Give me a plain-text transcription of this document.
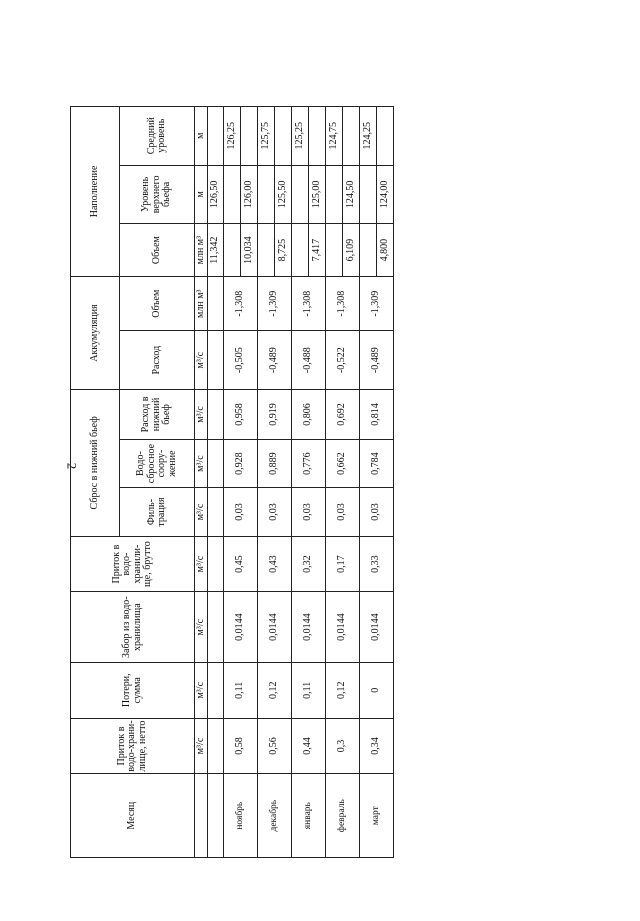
2
Месяц	Приток в водо-храни-лище, нетто	Потери, сумма	Забор из водо-хранилища	Приток в водо-хранили-ще, брутто	Сброс в нижний бьеф			Аккумуляция		Наполнение		
					Филь-трация	Водо-сбросное соору-жение	Расход в нижний бьеф	Расход	Объем	Объем	Уровень верхнего бьефа	Средний уровень
	м³/с	м³/с	м³/с	м³/с	м³/с	м³/с	м³/с	м³/с	млн м³	млн м³	м	м
										11,342	126,50	
ноябрь	0,58	0,11	0,0144	0,45	0,03	0,928	0,958	-0,505	-1,308			126,25
										10,034	126,00	
декабрь	0,56	0,12	0,0144	0,43	0,03	0,889	0,919	-0,489	-1,309			125,75
										8,725	125,50	
январь	0,44	0,11	0,0144	0,32	0,03	0,776	0,806	-0,488	-1,308			125,25
										7,417	125,00	
февраль	0,3	0,12	0,0144	0,17	0,03	0,662	0,692	-0,522	-1,308			124,75
										6,109	124,50	
март	0,34	0	0,0144	0,33	0,03	0,784	0,814	-0,489	-1,309			124,25
										4,800	124,00	
